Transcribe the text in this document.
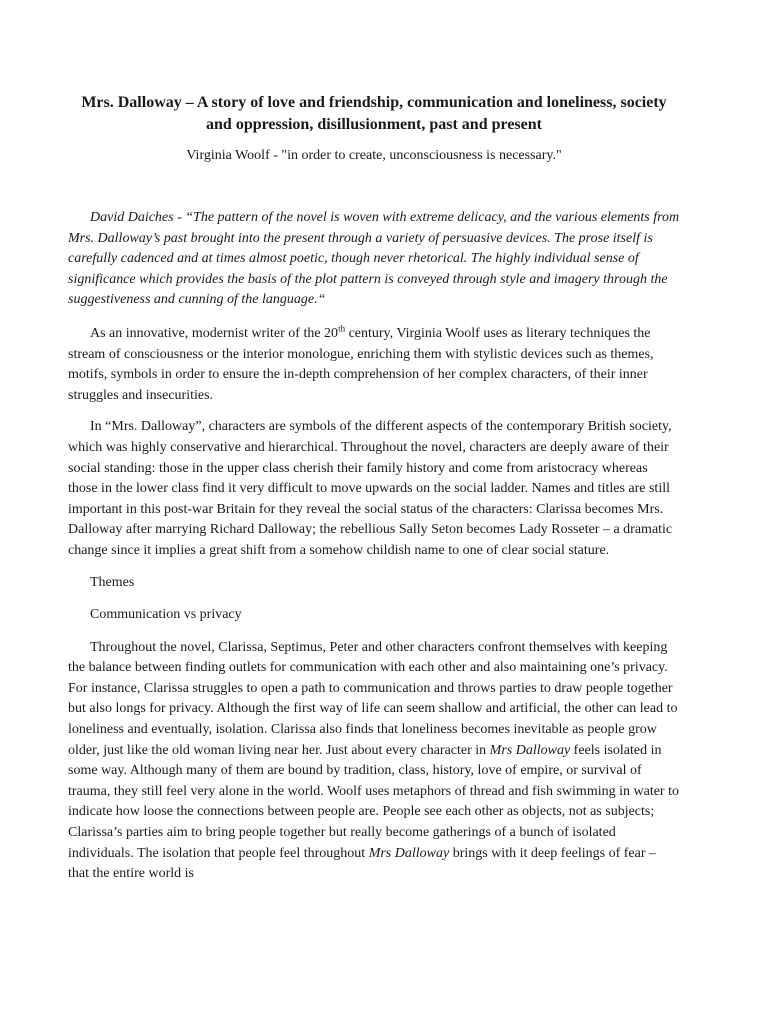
Mrs. Dalloway – A story of love and friendship, communication and loneliness, society and oppression, disillusionment, past and present
Virginia Woolf - "in order to create, unconsciousness is necessary."

David Daiches - “The pattern of the novel is woven with extreme delicacy, and the various elements from Mrs. Dalloway’s past brought into the present through a variety of persuasive devices. The prose itself is carefully cadenced and at times almost poetic, though never rhetorical. The highly individual sense of significance which provides the basis of the plot pattern is conveyed through style and imagery through the suggestiveness and cunning of the language.“

As an innovative, modernist writer of the 20th century, Virginia Woolf uses as literary techniques the stream of consciousness or the interior monologue, enriching them with stylistic devices such as themes, motifs, symbols in order to ensure the in-depth comprehension of her complex characters, of their inner struggles and insecurities.

In “Mrs. Dalloway”, characters are symbols of the different aspects of the contemporary British society, which was highly conservative and hierarchical. Throughout the novel, characters are deeply aware of their social standing: those in the upper class cherish their family history and come from aristocracy whereas those in the lower class find it very difficult to move upwards on the social ladder. Names and titles are still important in this post-war Britain for they reveal the social status of the characters: Clarissa becomes Mrs. Dalloway after marrying Richard Dalloway; the rebellious Sally Seton becomes Lady Rosseter – a dramatic change since it implies a great shift from a somehow childish name to one of clear social stature.

Themes

Communication vs privacy

Throughout the novel, Clarissa, Septimus, Peter and other characters confront themselves with keeping the balance between finding outlets for communication with each other and also maintaining one’s privacy. For instance, Clarissa struggles to open a path to communication and throws parties to draw people together but also longs for privacy. Although the first way of life can seem shallow and artificial, the other can lead to loneliness and eventually, isolation. Clarissa also finds that loneliness becomes inevitable as people grow older, just like the old woman living near her. Just about every character in Mrs Dalloway feels isolated in some way. Although many of them are bound by tradition, class, history, love of empire, or survival of trauma, they still feel very alone in the world. Woolf uses metaphors of thread and fish swimming in water to indicate how loose the connections between people are. People see each other as objects, not as subjects; Clarissa’s parties aim to bring people together but really become gatherings of a bunch of isolated individuals. The isolation that people feel throughout Mrs Dalloway brings with it deep feelings of fear – that the entire world is
